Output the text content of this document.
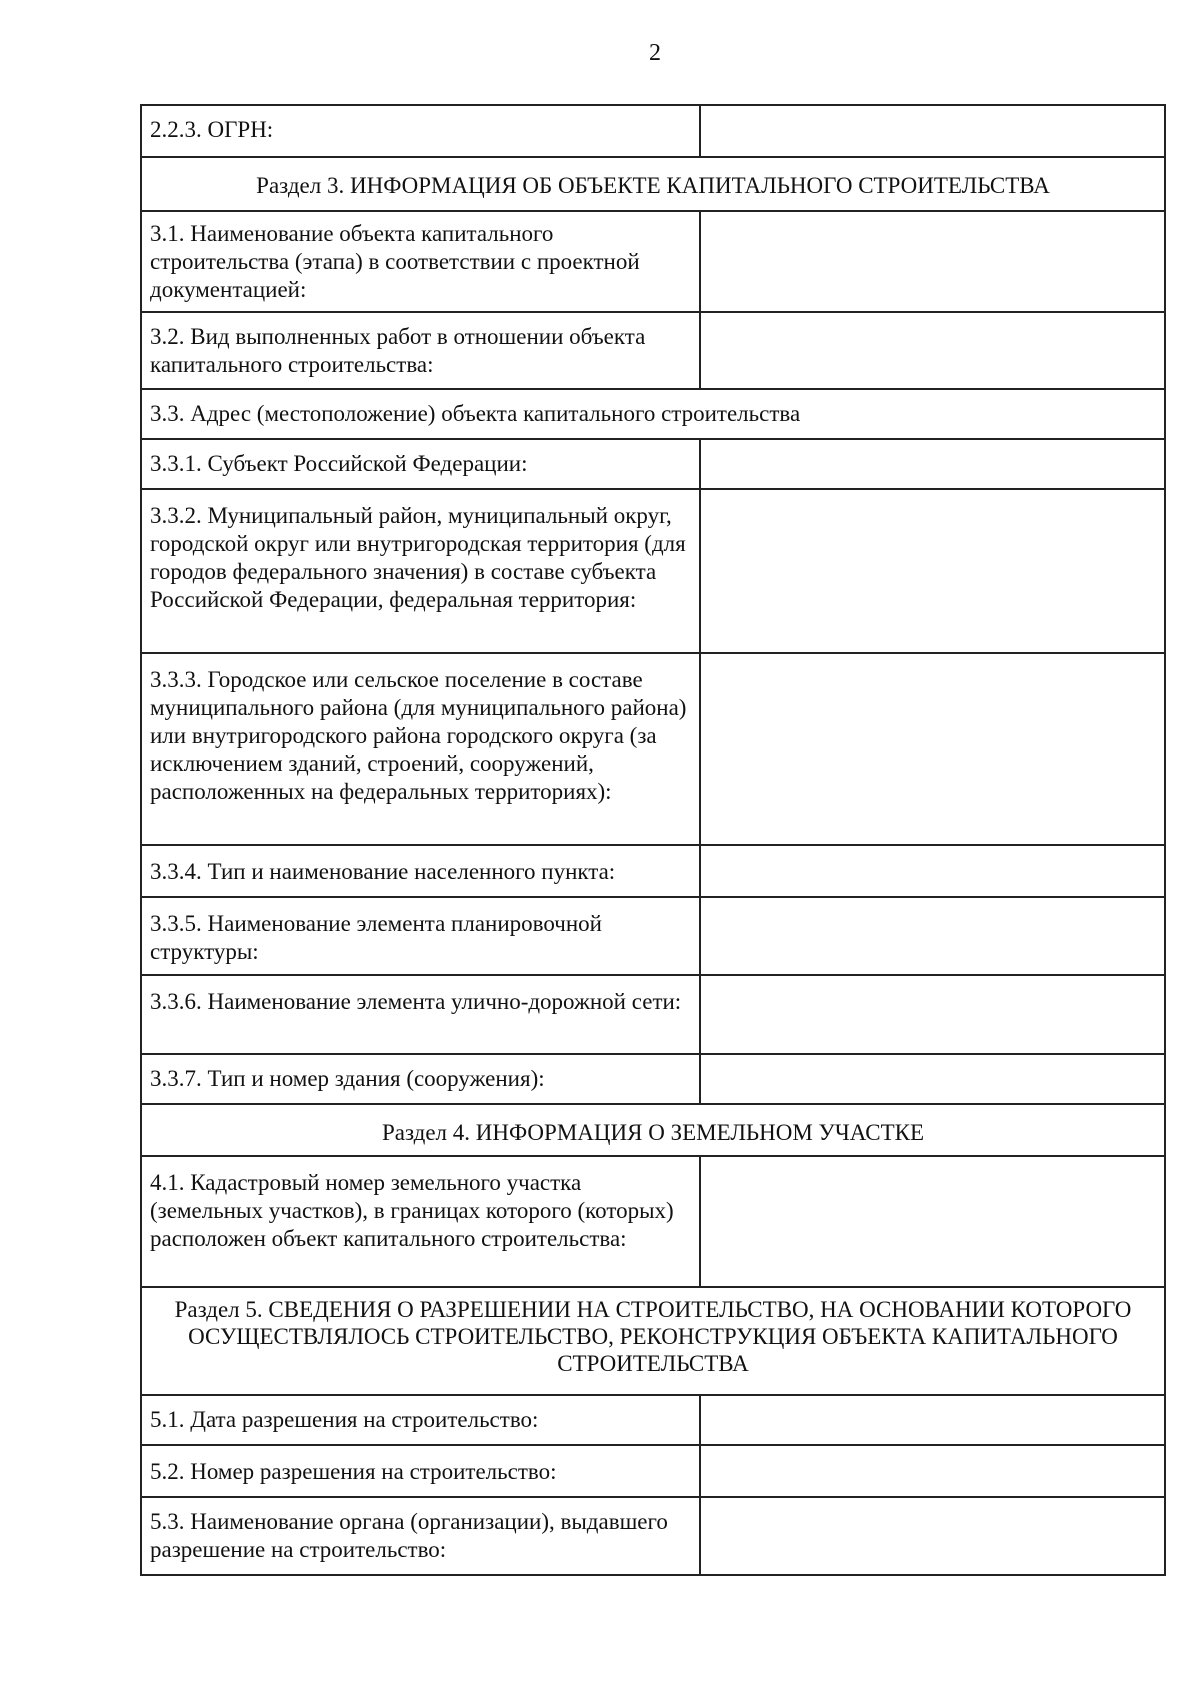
2
2.2.3. ОГРН:
Раздел 3. ИНФОРМАЦИЯ ОБ ОБЪЕКТЕ КАПИТАЛЬНОГО СТРОИТЕЛЬСТВА
3.1. Наименование объекта капитального строительства (этапа) в соответствии с проектной документацией:
3.2. Вид выполненных работ в отношении объекта капитального строительства:
3.3. Адрес (местоположение) объекта капитального строительства
3.3.1. Субъект Российской Федерации:
3.3.2. Муниципальный район, муниципальный округ, городской округ или внутригородская территория (для городов федерального значения) в составе субъекта Российской Федерации, федеральная территория:
3.3.3. Городское или сельское поселение в составе муниципального района (для муниципального района) или внутригородского района городского округа (за исключением зданий, строений, сооружений, расположенных на федеральных территориях):
3.3.4. Тип и наименование населенного пункта:
3.3.5. Наименование элемента планировочной структуры:
3.3.6. Наименование элемента улично-дорожной сети:
3.3.7. Тип и номер здания (сооружения):
Раздел 4. ИНФОРМАЦИЯ О ЗЕМЕЛЬНОМ УЧАСТКЕ
4.1. Кадастровый номер земельного участка (земельных участков), в границах которого (которых) расположен объект капитального строительства:
Раздел 5. СВЕДЕНИЯ О РАЗРЕШЕНИИ НА СТРОИТЕЛЬСТВО, НА ОСНОВАНИИ КОТОРОГО ОСУЩЕСТВЛЯЛОСЬ СТРОИТЕЛЬСТВО, РЕКОНСТРУКЦИЯ ОБЪЕКТА КАПИТАЛЬНОГО СТРОИТЕЛЬСТВА
5.1. Дата разрешения на строительство:
5.2. Номер разрешения на строительство:
5.3. Наименование органа (организации), выдавшего разрешение на строительство:
